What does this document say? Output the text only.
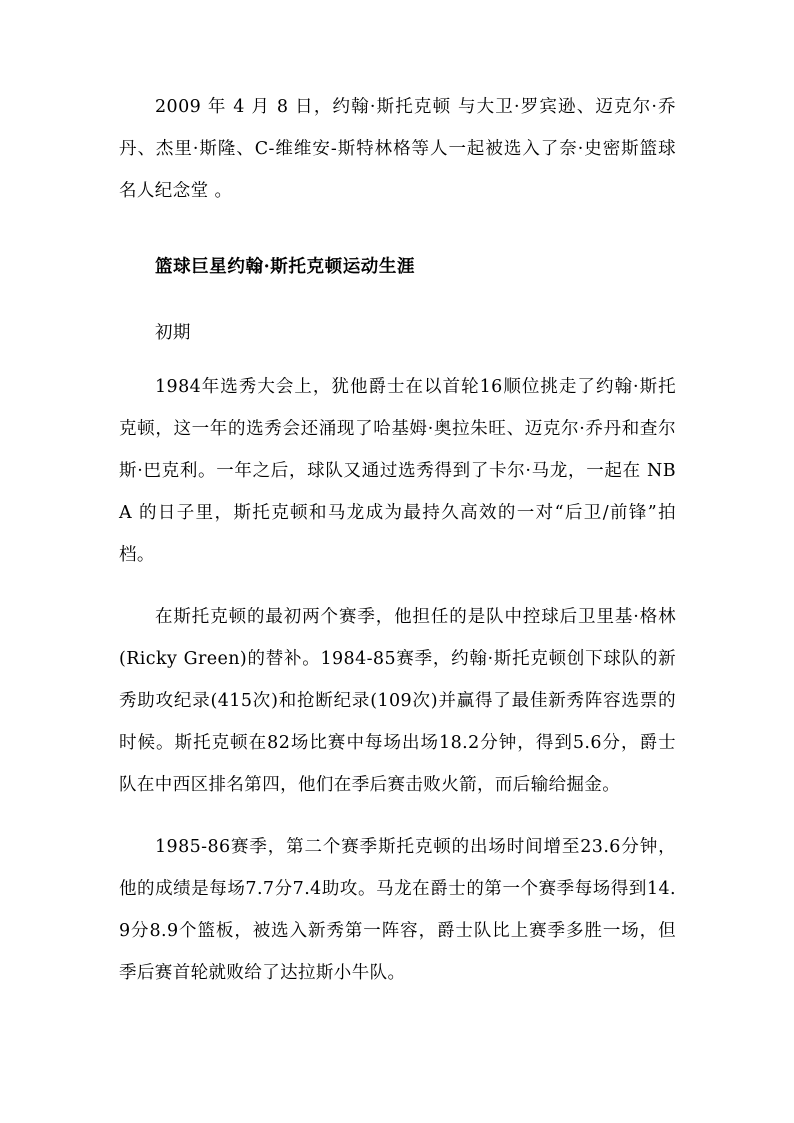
2009 年 4 月 8 日，约翰·斯托克顿 与大卫·罗宾逊、迈克尔·乔丹、杰里·斯隆、C-维维安-斯特林格等人一起被选入了奈·史密斯篮球名人纪念堂 。

篮球巨星约翰·斯托克顿运动生涯

初期

1984年选秀大会上，犹他爵士在以首轮16顺位挑走了约翰·斯托克顿，这一年的选秀会还涌现了哈基姆·奥拉朱旺、迈克尔·乔丹和查尔斯·巴克利。一年之后，球队又通过选秀得到了卡尔·马龙，一起在 NBA 的日子里，斯托克顿和马龙成为最持久高效的一对“后卫/前锋”拍档。

在斯托克顿的最初两个赛季，他担任的是队中控球后卫里基·格林(Ricky Green)的替补。1984-85赛季，约翰·斯托克顿创下球队的新秀助攻纪录(415次)和抢断纪录(109次)并赢得了最佳新秀阵容选票的时候。斯托克顿在82场比赛中每场出场18.2分钟，得到5.6分，爵士队在中西区排名第四，他们在季后赛击败火箭，而后输给掘金。

1985-86赛季，第二个赛季斯托克顿的出场时间增至23.6分钟，他的成绩是每场7.7分7.4助攻。马龙在爵士的第一个赛季每场得到14.9分8.9个篮板，被选入新秀第一阵容，爵士队比上赛季多胜一场，但季后赛首轮就败给了达拉斯小牛队。
